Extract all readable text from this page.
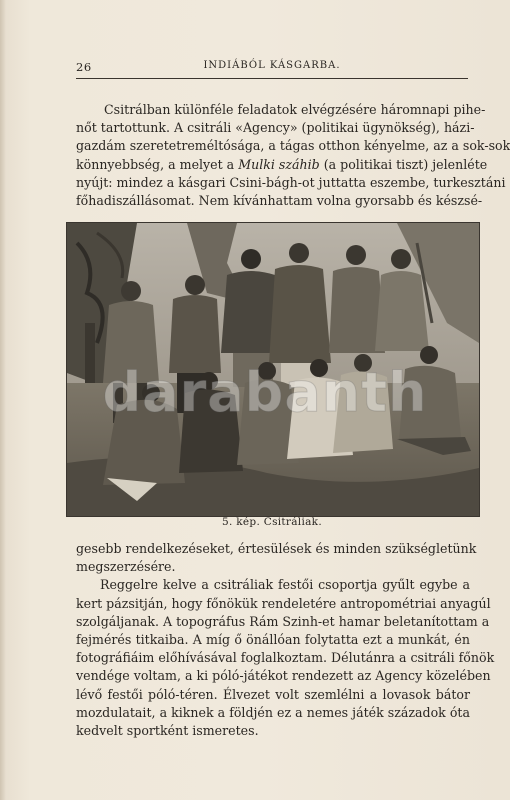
26	INDIÁBÓL KÁSGARBA.
Csitrálban különféle feladatok elvégzésére háromnapi pihe-
nőt tartottunk. A csitráli «Agency» (politikai ügynökség), házi-
gazdám szeretetreméltósága, a tágas otthon kényelme, az a sok-sok
könnyebbség, a melyet a Mulki száhib (a politikai tiszt) jelenléte
nyújt: mindez a kásgari Csini-bágh-ot juttatta eszembe, turkesztáni
főhadiszállásomat. Nem kívánhattam volna gyorsabb és készsé-
darabanth
5. kép. Csitráliak.
gesebb rendelkezéseket, értesülések és minden szükségletünk
megszerzésére.
Reggelre kelve a csitráliak festői csoportja gyűlt egybe a
kert pázsitján, hogy főnökük rendeletére antropométriai anyagúl
szolgáljanak. A topográfus Rám Szinh-et hamar beletanítottam a
fejmérés titkaiba. A míg ő önállóan folytatta ezt a munkát, én
fotográfiáim előhívásával foglalkoztam. Délutánra a csitráli főnök
vendége voltam, a ki póló-játékot rendezett az Agency közelében
lévő festői póló-téren. Élvezet volt szemlélni a lovasok bátor
mozdulatait, a kiknek a földjén ez a nemes játék századok óta
kedvelt sportként ismeretes.
